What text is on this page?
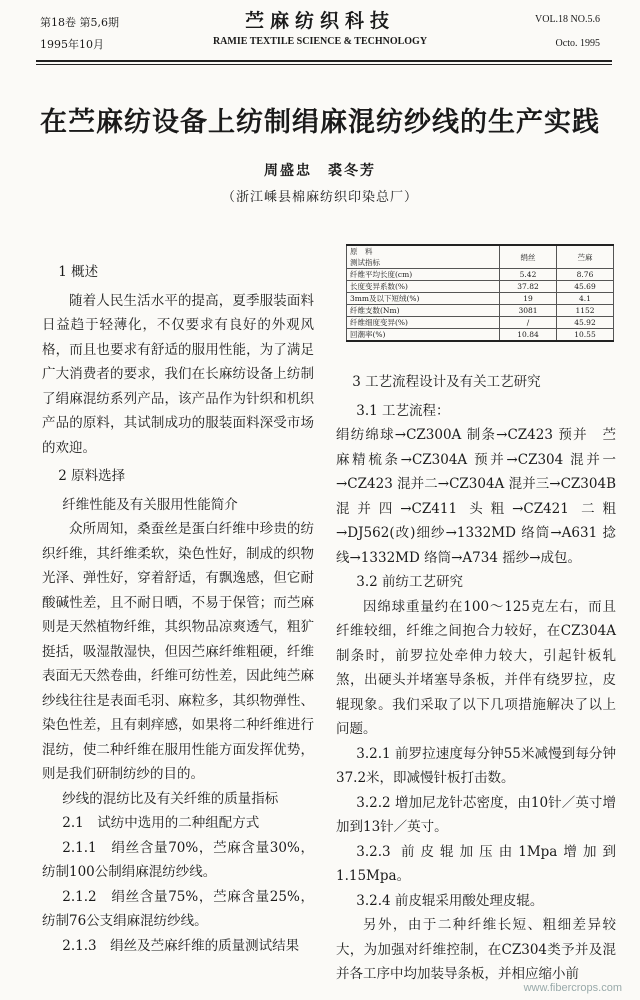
第18卷 第5,6期
1995年10月
苎麻纺织科技
RAMIE TEXTILE SCIENCE & TECHNOLOGY
VOL.18 NO.5.6
Octo. 1995
在苎麻纺设备上纺制绢麻混纺纱线的生产实践
周盛忠　裘冬芳
（浙江嵊县棉麻纺织印染总厂）

1 概述

随着人民生活水平的提高，夏季服装面料日益趋于轻薄化，不仅要求有良好的外观风格，而且也要求有舒适的服用性能，为了满足广大消费者的要求，我们在长麻纺设备上纺制了绢麻混纺系列产品，该产品作为针织和机织产品的原料，其试制成功的服装面料深受市场的欢迎。

2 原料选择

纤维性能及有关服用性能简介

众所周知，桑蚕丝是蛋白纤维中珍贵的纺织纤维，其纤维柔软，染色性好，制成的织物光泽、弹性好，穿着舒适，有飘逸感，但它耐酸碱性差，且不耐日晒，不易于保管；而苎麻则是天然植物纤维，其织物品凉爽透气，粗犷挺括，吸湿散湿快，但因苎麻纤维粗硬，纤维表面无天然卷曲，纤维可纺性差，因此纯苎麻纱线往往是表面毛羽、麻粒多，其织物弹性、染色性差，且有刺痒感，如果将二种纤维进行混纺，使二种纤维在服用性能方面发挥优势，则是我们研制纺纱的目的。

纱线的混纺比及有关纤维的质量指标

2.1　试纺中选用的二种组配方式

2.1.1　绢丝含量70%，苎麻含量30%，纺制100公制绢麻混纺纱线。

2.1.2　绢丝含量75%，苎麻含量25%，纺制76公支绢麻混纺纱线。

2.1.3　绢丝及苎麻纤维的质量测试结果

原　料
测试指标	绢丝	苎麻
纤维平均长度(cm)	5.42	8.76
长度变异系数(%)	37.82	45.69
3mm及以下短绒(%)	19	4.1
纤维支数(Nm)	3081	1152
纤维细度变异(%)	/	45.92
回潮率(%)	10.84	10.55

3 工艺流程设计及有关工艺研究

3.1 工艺流程：

绢纺绵球→CZ300A 制条→CZ423 预并　苎麻精梳条→CZ304A 预并→CZ304 混并一→CZ423 混并二→CZ304A 混并三→CZ304B 混并四→CZ411 头粗→CZ421 二粗→DJ562(改)细纱→1332MD 络筒→A631 捻线→1332MD 络筒→A734 摇纱→成包。

3.2 前纺工艺研究

因绵球重量约在100～125克左右，而且纤维较细，纤维之间抱合力较好，在CZ304A制条时，前罗拉处牵伸力较大，引起针板轧煞，出硬头并堵塞导条板，并伴有绕罗拉，皮辊现象。我们采取了以下几项措施解决了以上问题。

3.2.1 前罗拉速度每分钟55米减慢到每分钟37.2米，即减慢针板打击数。

3.2.2 增加尼龙针芯密度，由10针／英寸增加到13针／英寸。

3.2.3 前皮辊加压由1Mpa增加到1.15Mpa。

3.2.4 前皮辊采用酸处理皮辊。

另外，由于二种纤维长短、粗细差异较大，为加强对纤维控制，在CZ304类予并及混并各工序中均加装导条板，并相应缩小前

www.fibercrops.com
